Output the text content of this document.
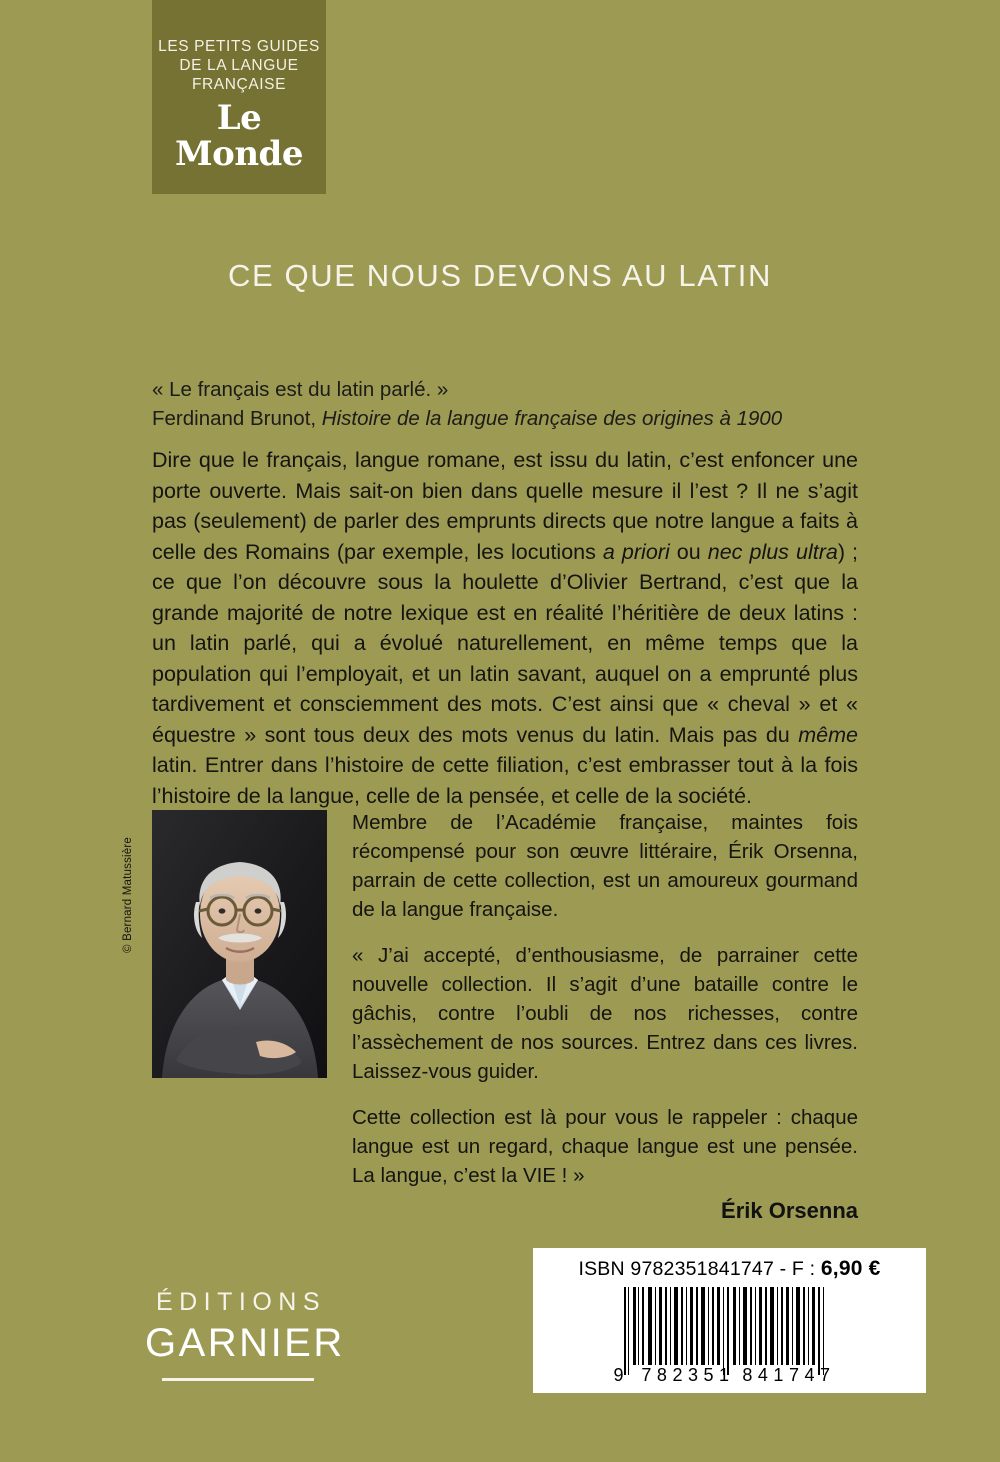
LES PETITS GUIDES
DE LA LANGUE
FRANÇAISE
Le Monde
CE QUE NOUS DEVONS AU LATIN
« Le français est du latin parlé. »
Ferdinand Brunot, Histoire de la langue française des origines à 1900

Dire que le français, langue romane, est issu du latin, c’est enfoncer une porte ouverte. Mais sait-on bien dans quelle mesure il l’est ? Il ne s’agit pas (seulement) de parler des emprunts directs que notre langue a faits à celle des Romains (par exemple, les locutions a priori ou nec plus ultra) ; ce que l’on découvre sous la houlette d’Olivier Bertrand, c’est que la grande majorité de notre lexique est en réalité l’héritière de deux latins : un latin parlé, qui a évolué naturellement, en même temps que la population qui l’employait, et un latin savant, auquel on a emprunté plus tardivement et consciemment des mots. C’est ainsi que « cheval » et « équestre » sont tous deux des mots venus du latin. Mais pas du même latin. Entrer dans l’histoire de cette filiation, c’est embrasser tout à la fois l’histoire de la langue, celle de la pensée, et celle de la société.

© Bernard Matussière

Membre de l’Académie française, maintes fois récompensé pour son œuvre littéraire, Érik Orsenna, parrain de cette collection, est un amoureux gourmand de la langue française.

« J’ai accepté, d’enthousiasme, de parrainer cette nouvelle collection. Il s’agit d’une bataille contre le gâchis, contre l’oubli de nos richesses, contre l’assèchement de nos sources. Entrez dans ces livres. Laissez-vous guider.

Cette collection est là pour vous le rappeler : chaque langue est un regard, chaque langue est une pensée. La langue, c’est la VIE ! »

Érik Orsenna
ÉDITIONS
GARNIER
ISBN 9782351841747 - F : 6,90 €
9 782351 841747
